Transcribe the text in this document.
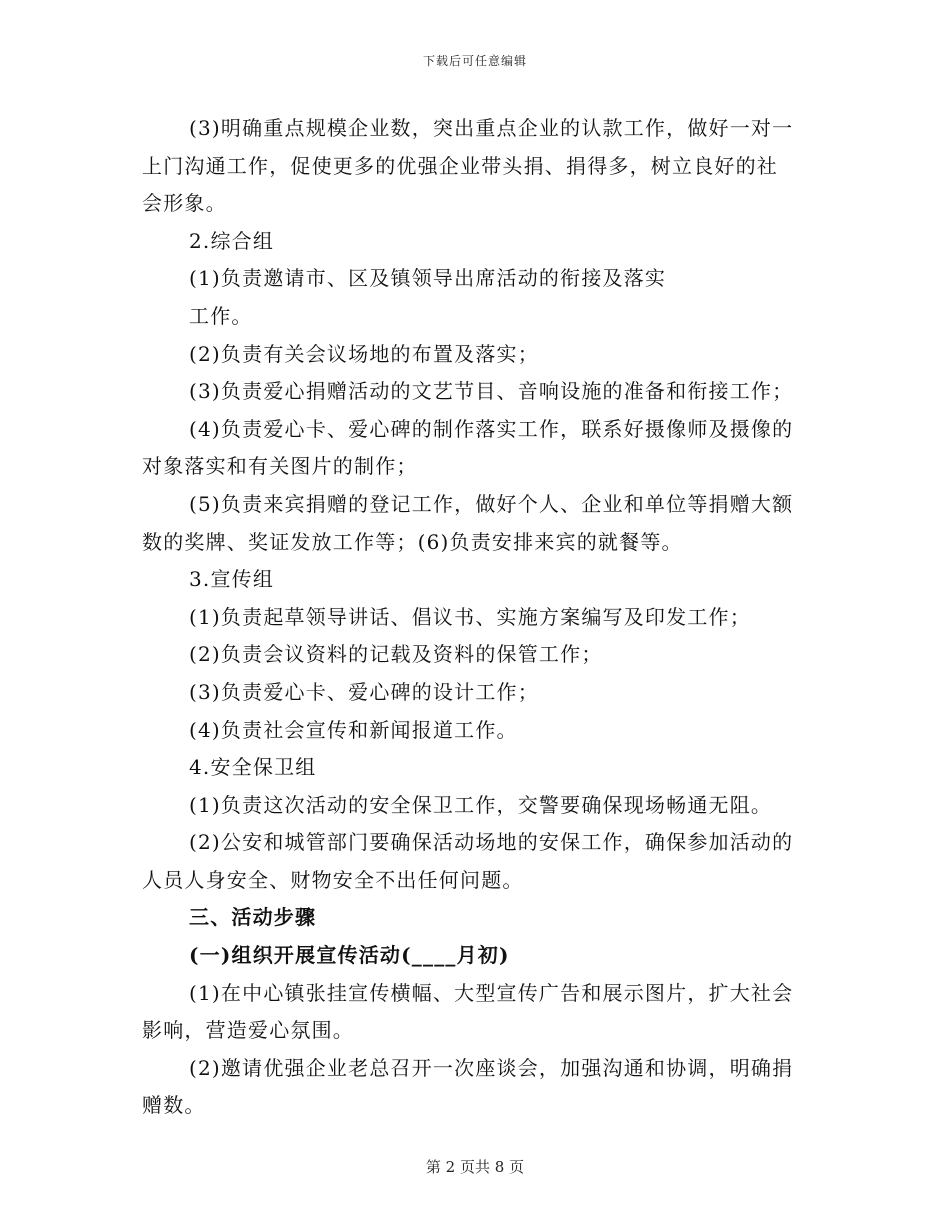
下载后可任意编辑

(3)明确重点规模企业数，突出重点企业的认款工作，做好一对一

上门沟通工作，促使更多的优强企业带头捐、捐得多，树立良好的社

会形象。

2.综合组

(1)负责邀请市、区及镇领导出席活动的衔接及落实

工作。

(2)负责有关会议场地的布置及落实；

(3)负责爱心捐赠活动的文艺节目、音响设施的准备和衔接工作；

(4)负责爱心卡、爱心碑的制作落实工作，联系好摄像师及摄像的

对象落实和有关图片的制作；

(5)负责来宾捐赠的登记工作，做好个人、企业和单位等捐赠大额

数的奖牌、奖证发放工作等；(6)负责安排来宾的就餐等。

3.宣传组

(1)负责起草领导讲话、倡议书、实施方案编写及印发工作；

(2)负责会议资料的记载及资料的保管工作；

(3)负责爱心卡、爱心碑的设计工作；

(4)负责社会宣传和新闻报道工作。

4.安全保卫组

(1)负责这次活动的安全保卫工作，交警要确保现场畅通无阻。

(2)公安和城管部门要确保活动场地的安保工作，确保参加活动的

人员人身安全、财物安全不出任何问题。

三、活动步骤

(一)组织开展宣传活动(____月初)

(1)在中心镇张挂宣传横幅、大型宣传广告和展示图片，扩大社会

影响，营造爱心氛围。

(2)邀请优强企业老总召开一次座谈会，加强沟通和协调，明确捐

赠数。

第 2 页共 8 页
